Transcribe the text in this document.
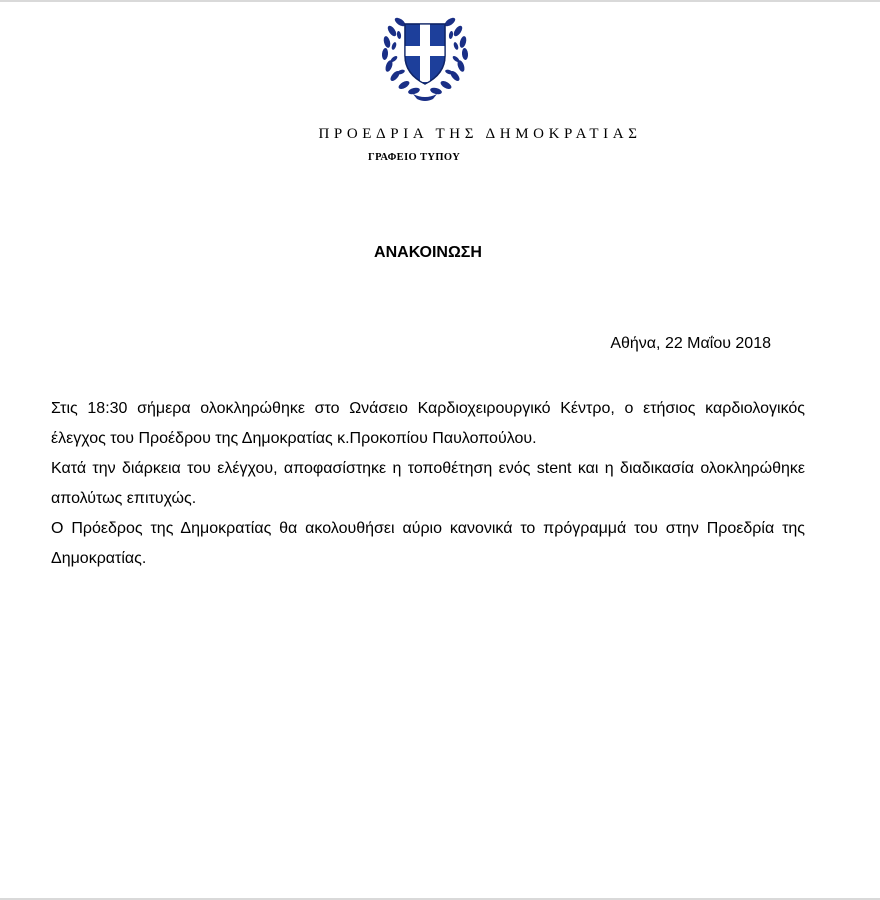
ΠΡΟΕΔΡΙΑ ΤΗΣ ΔΗΜΟΚΡΑΤΙΑΣ
ΓΡΑΦΕΙΟ ΤΥΠΟΥ
ΑΝΑΚΟΙΝΩΣΗ
Αθήνα, 22 Μαΐου 2018

Στις 18:30 σήμερα ολοκληρώθηκε στο Ωνάσειο Καρδιοχειρουργικό Κέντρο, ο ετήσιος καρδιολογικός έλεγχος του Προέδρου της Δημοκρατίας κ.Προκοπίου Παυλοπούλου.

Κατά την διάρκεια του ελέγχου, αποφασίστηκε η τοποθέτηση ενός stent και η διαδικασία ολοκληρώθηκε απολύτως επιτυχώς.

Ο Πρόεδρος της Δημοκρατίας θα ακολουθήσει αύριο κανονικά το πρόγραμμά του στην Προεδρία της Δημοκρατίας.
